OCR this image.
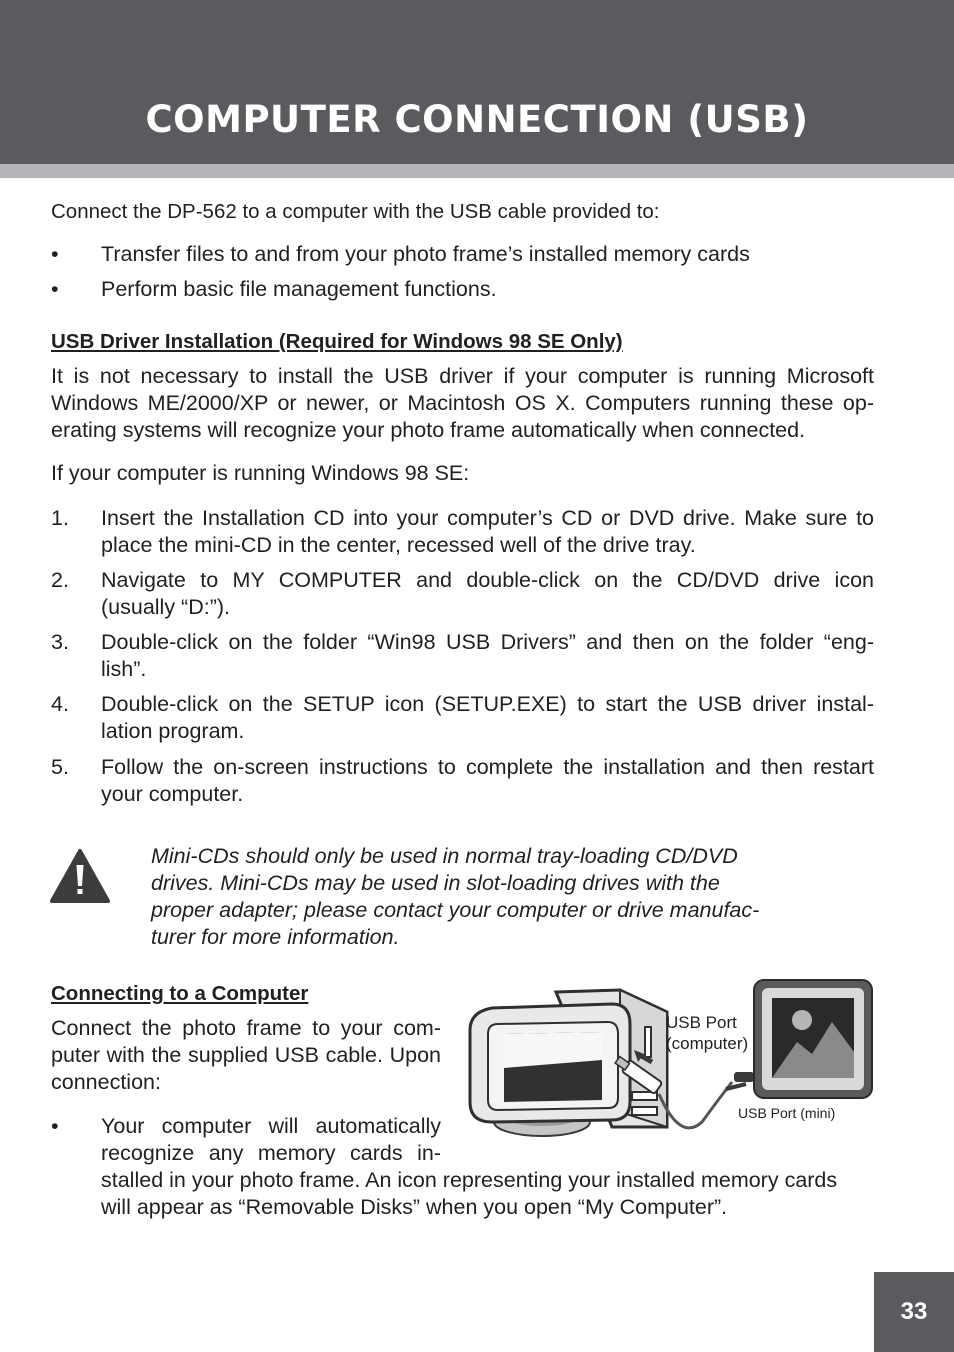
COMPUTER CONNECTION (USB)

Connect the DP-562 to a computer with the USB cable provided to:

• Transfer files to and from your photo frame’s installed memory cards

• Perform basic file management functions.

USB Driver Installation (Required for Windows 98 SE Only)

It is not necessary to install the USB driver if your computer is running Microsoft
Windows ME/2000/XP or newer, or Macintosh OS X. Computers running these op-
erating systems will recognize your photo frame automatically when connected.

If your computer is running Windows 98 SE:

1. Insert the Installation CD into your computer’s CD or DVD drive. Make sure to
place the mini-CD in the center, recessed well of the drive tray.
2. Navigate to MY COMPUTER and double-click on the CD/DVD drive icon
(usually “D:”).
3. Double-click on the folder “Win98 USB Drivers” and then on the folder “eng-
lish”.
4. Double-click on the SETUP icon (SETUP.EXE) to start the USB driver instal-
lation program.
5. Follow the on-screen instructions to complete the installation and then restart
your computer.
Mini-CDs should only be used in normal tray-loading CD/DVD
drives. Mini-CDs may be used in slot-loading drives with the
proper adapter; please contact your computer or drive manufac-
turer for more information.

Connecting to a Computer

Connect the photo frame to your com-
puter with the supplied USB cable. Upon
connection:
• Your computer will automatically
recognize any memory cards in-
stalled in your photo frame. An icon representing your installed memory cards
will appear as “Removable Disks” when you open “My Computer”.
USB Port
(computer)
USB Port (mini)
33
